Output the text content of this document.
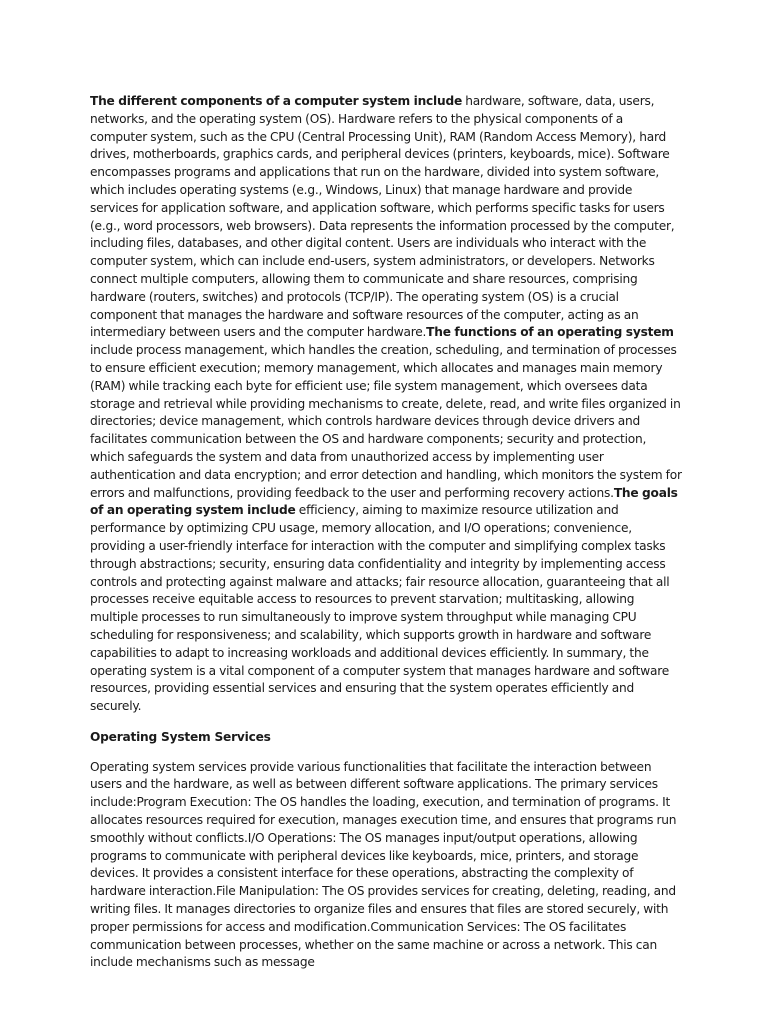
The different components of a computer system include hardware, software, data, users, networks, and the operating system (OS). Hardware refers to the physical components of a computer system, such as the CPU (Central Processing Unit), RAM (Random Access Memory), hard drives, motherboards, graphics cards, and peripheral devices (printers, keyboards, mice). Software encompasses programs and applications that run on the hardware, divided into system software, which includes operating systems (e.g., Windows, Linux) that manage hardware and provide services for application software, and application software, which performs specific tasks for users (e.g., word processors, web browsers). Data represents the information processed by the computer, including files, databases, and other digital content. Users are individuals who interact with the computer system, which can include end-users, system administrators, or developers. Networks connect multiple computers, allowing them to communicate and share resources, comprising hardware (routers, switches) and protocols (TCP/IP). The operating system (OS) is a crucial component that manages the hardware and software resources of the computer, acting as an intermediary between users and the computer hardware.The functions of an operating system include process management, which handles the creation, scheduling, and termination of processes to ensure efficient execution; memory management, which allocates and manages main memory (RAM) while tracking each byte for efficient use; file system management, which oversees data storage and retrieval while providing mechanisms to create, delete, read, and write files organized in directories; device management, which controls hardware devices through device drivers and facilitates communication between the OS and hardware components; security and protection, which safeguards the system and data from unauthorized access by implementing user authentication and data encryption; and error detection and handling, which monitors the system for errors and malfunctions, providing feedback to the user and performing recovery actions.The goals of an operating system include efficiency, aiming to maximize resource utilization and performance by optimizing CPU usage, memory allocation, and I/O operations; convenience, providing a user-friendly interface for interaction with the computer and simplifying complex tasks through abstractions; security, ensuring data confidentiality and integrity by implementing access controls and protecting against malware and attacks; fair resource allocation, guaranteeing that all processes receive equitable access to resources to prevent starvation; multitasking, allowing multiple processes to run simultaneously to improve system throughput while managing CPU scheduling for responsiveness; and scalability, which supports growth in hardware and software capabilities to adapt to increasing workloads and additional devices efficiently. In summary, the operating system is a vital component of a computer system that manages hardware and software resources, providing essential services and ensuring that the system operates efficiently and securely.

Operating System Services

Operating system services provide various functionalities that facilitate the interaction between users and the hardware, as well as between different software applications. The primary services include:Program Execution: The OS handles the loading, execution, and termination of programs. It allocates resources required for execution, manages execution time, and ensures that programs run smoothly without conflicts.I/O Operations: The OS manages input/output operations, allowing programs to communicate with peripheral devices like keyboards, mice, printers, and storage devices. It provides a consistent interface for these operations, abstracting the complexity of hardware interaction.File Manipulation: The OS provides services for creating, deleting, reading, and writing files. It manages directories to organize files and ensures that files are stored securely, with proper permissions for access and modification.Communication Services: The OS facilitates communication between processes, whether on the same machine or across a network. This can include mechanisms such as message
